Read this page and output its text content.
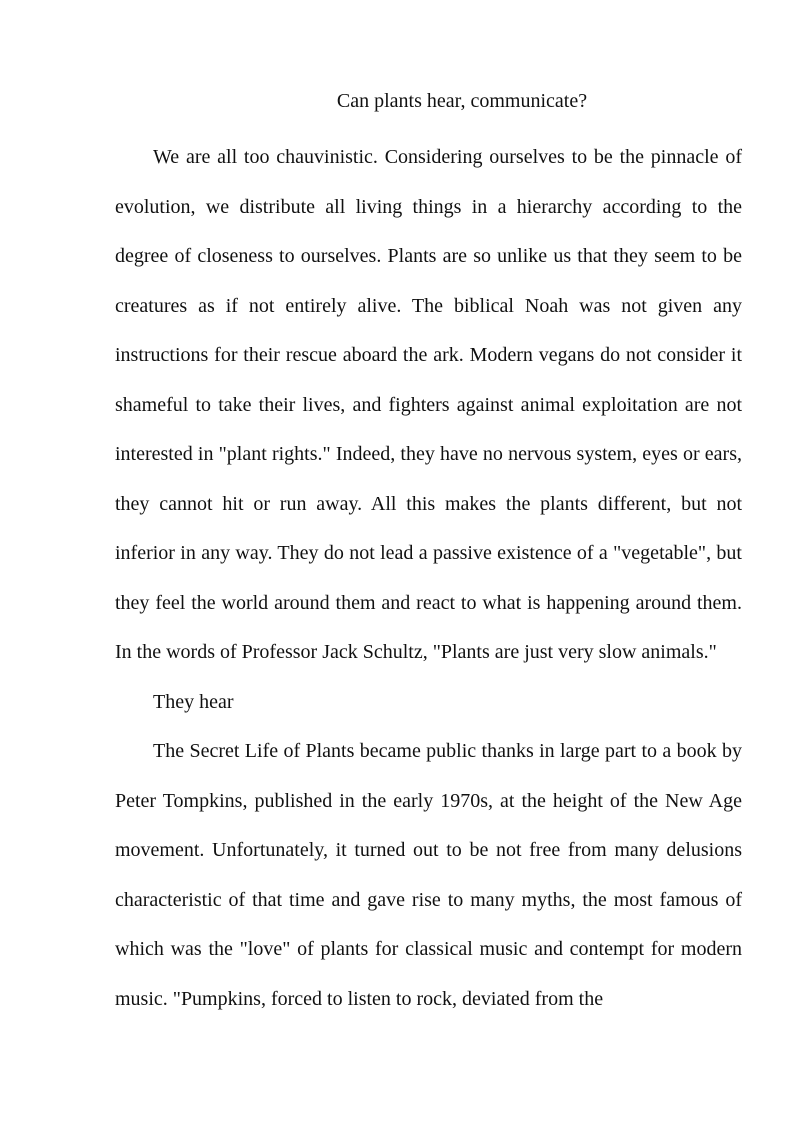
Can plants hear, communicate?

We are all too chauvinistic. Considering ourselves to be the pinnacle of evolution, we distribute all living things in a hierarchy according to the degree of closeness to ourselves. Plants are so unlike us that they seem to be creatures as if not entirely alive. The biblical Noah was not given any instructions for their rescue aboard the ark. Modern vegans do not consider it shameful to take their lives, and fighters against animal exploitation are not interested in "plant rights." Indeed, they have no nervous system, eyes or ears, they cannot hit or run away. All this makes the plants different, but not inferior in any way. They do not lead a passive existence of a "vegetable", but they feel the world around them and react to what is happening around them. In the words of Professor Jack Schultz, "Plants are just very slow animals."

They hear

The Secret Life of Plants became public thanks in large part to a book by Peter Tompkins, published in the early 1970s, at the height of the New Age movement. Unfortunately, it turned out to be not free from many delusions characteristic of that time and gave rise to many myths, the most famous of which was the "love" of plants for classical music and contempt for modern music. "Pumpkins, forced to listen to rock, deviated from the
